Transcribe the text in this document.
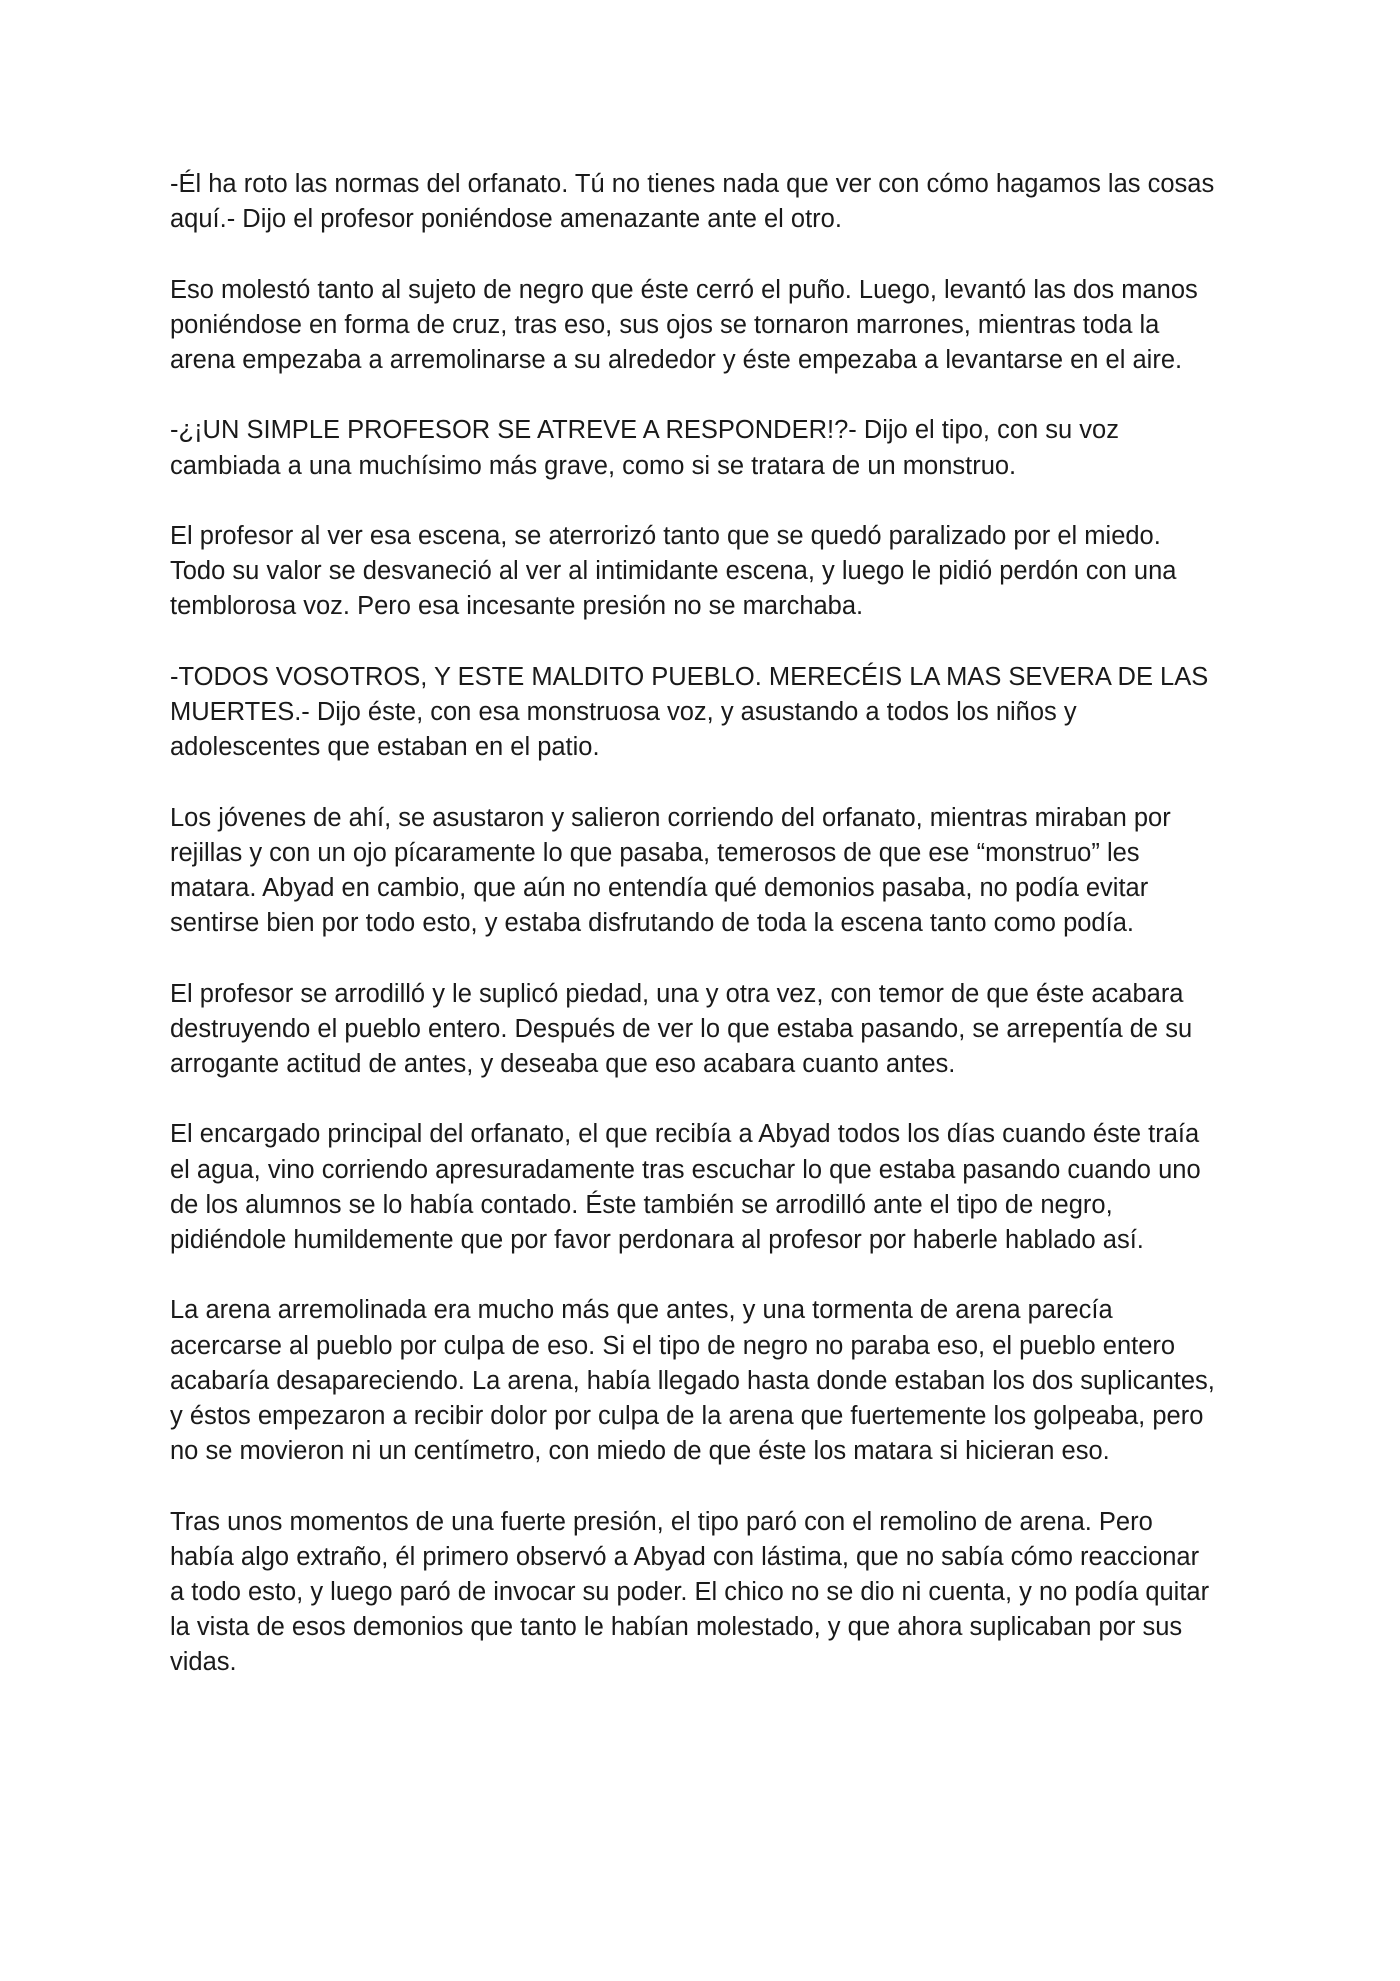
-Él ha roto las normas del orfanato. Tú no tienes nada que ver con cómo hagamos las cosas
aquí.- Dijo el profesor poniéndose amenazante ante el otro.
Eso molestó tanto al sujeto de negro que éste cerró el puño. Luego, levantó las dos manos
poniéndose en forma de cruz, tras eso, sus ojos se tornaron marrones, mientras toda la
arena empezaba a arremolinarse a su alrededor y éste empezaba a levantarse en el aire.
-¿¡UN SIMPLE PROFESOR SE ATREVE A RESPONDER!?- Dijo el tipo, con su voz
cambiada a una muchísimo más grave, como si se tratara de un monstruo.
El profesor al ver esa escena, se aterrorizó tanto que se quedó paralizado por el miedo.
Todo su valor se desvaneció al ver al intimidante escena, y luego le pidió perdón con una
temblorosa voz. Pero esa incesante presión no se marchaba.
-TODOS VOSOTROS, Y ESTE MALDITO PUEBLO. MERECÉIS LA MAS SEVERA DE LAS
MUERTES.- Dijo éste, con esa monstruosa voz, y asustando a todos los niños y
adolescentes que estaban en el patio.
Los jóvenes de ahí, se asustaron y salieron corriendo del orfanato, mientras miraban por
rejillas y con un ojo pícaramente lo que pasaba, temerosos de que ese “monstruo” les
matara. Abyad en cambio, que aún no entendía qué demonios pasaba, no podía evitar
sentirse bien por todo esto, y estaba disfrutando de toda la escena tanto como podía.
El profesor se arrodilló y le suplicó piedad, una y otra vez, con temor de que éste acabara
destruyendo el pueblo entero. Después de ver lo que estaba pasando, se arrepentía de su
arrogante actitud de antes, y deseaba que eso acabara cuanto antes.
El encargado principal del orfanato, el que recibía a Abyad todos los días cuando éste traía
el agua, vino corriendo apresuradamente tras escuchar lo que estaba pasando cuando uno
de los alumnos se lo había contado. Éste también se arrodilló ante el tipo de negro,
pidiéndole humildemente que por favor perdonara al profesor por haberle hablado así.
La arena arremolinada era mucho más que antes, y una tormenta de arena parecía
acercarse al pueblo por culpa de eso. Si el tipo de negro no paraba eso, el pueblo entero
acabaría desapareciendo. La arena, había llegado hasta donde estaban los dos suplicantes,
y éstos empezaron a recibir dolor por culpa de la arena que fuertemente los golpeaba, pero
no se movieron ni un centímetro, con miedo de que éste los matara si hicieran eso.
Tras unos momentos de una fuerte presión, el tipo paró con el remolino de arena. Pero
había algo extraño, él primero observó a Abyad con lástima, que no sabía cómo reaccionar
a todo esto, y luego paró de invocar su poder. El chico no se dio ni cuenta, y no podía quitar
la vista de esos demonios que tanto le habían molestado, y que ahora suplicaban por sus
vidas.
